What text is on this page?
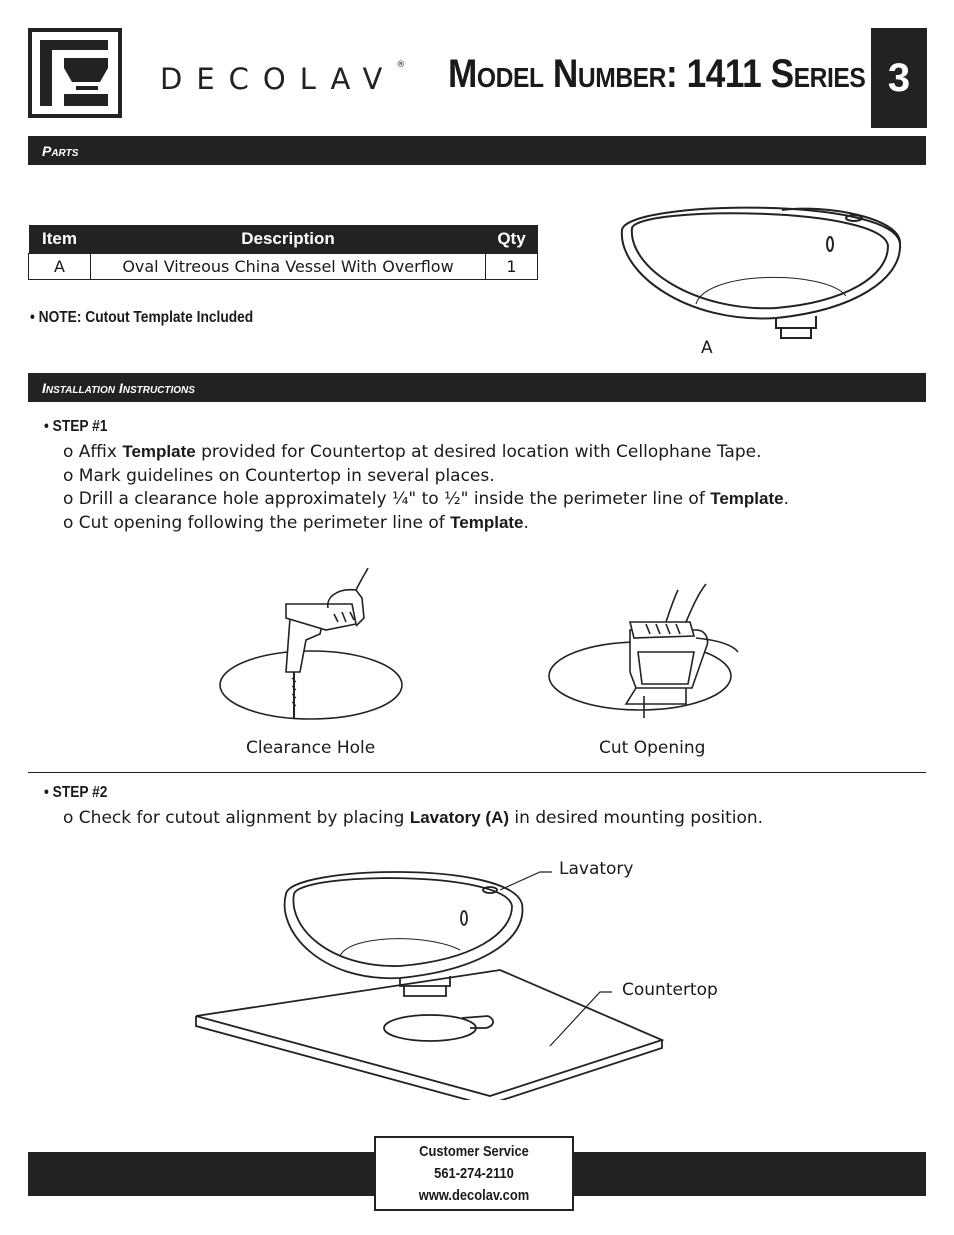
DECOLAV® Model Number: 1411 Series 3
Parts
Item	Description	Qty
A	Oval Vitreous China Vessel With Overflow	1
• NOTE: Cutout Template Included
A
Installation Instructions
• STEP #1
o Affix Template provided for Countertop at desired location with Cellophane Tape.
o Mark guidelines on Countertop in several places.
o Drill a clearance hole approximately ¼" to ½" inside the perimeter line of Template.
o Cut opening following the perimeter line of Template.
Clearance Hole	Cut Opening
• STEP #2
o Check for cutout alignment by placing Lavatory (A) in desired mounting position.
Lavatory
Countertop
Customer Service
561-274-2110
www.decolav.com
